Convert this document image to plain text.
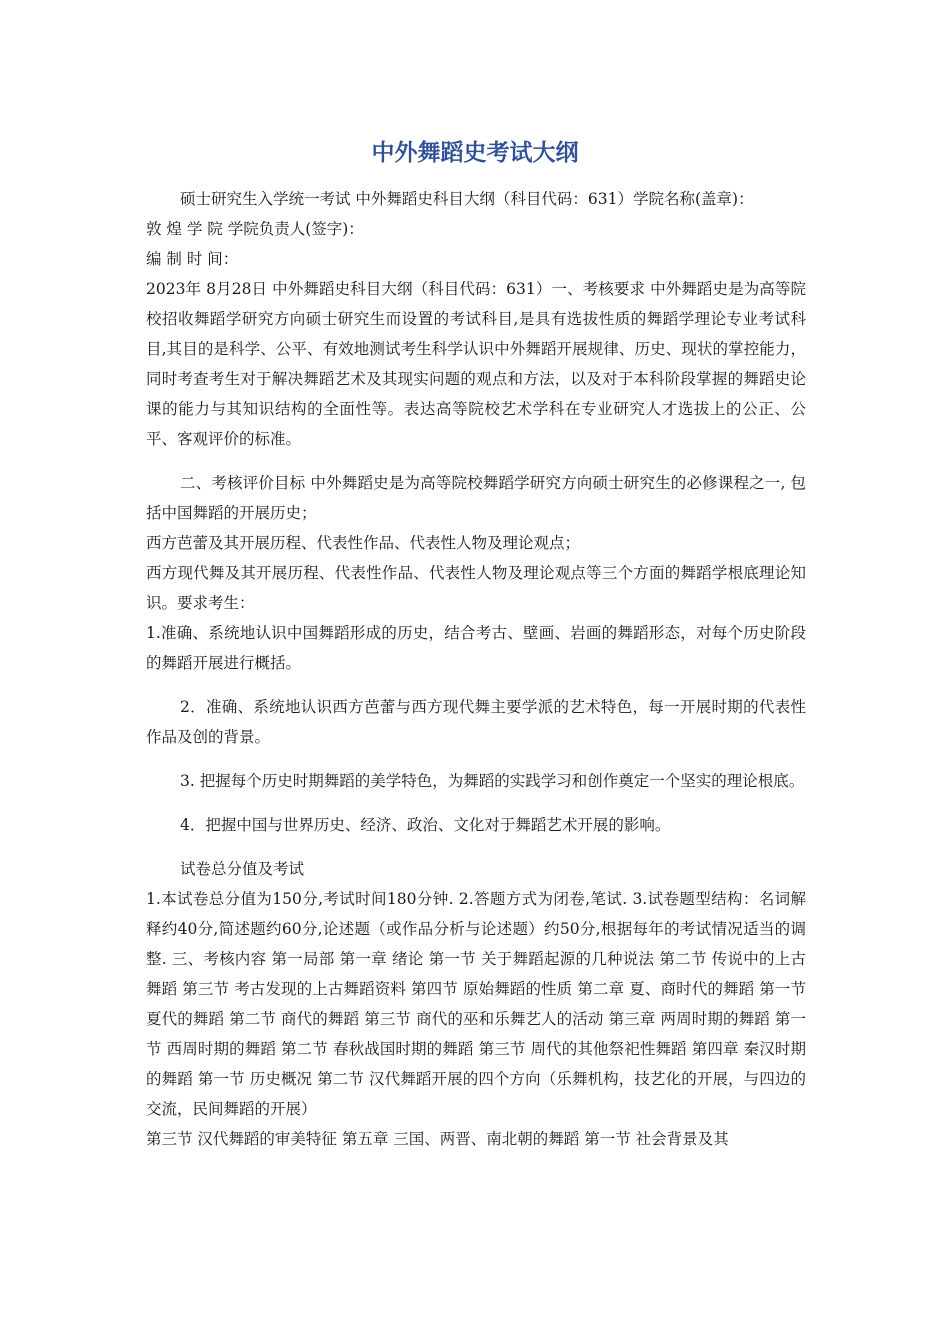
中外舞蹈史考试大纲

硕士研究生入学统一考试 中外舞蹈史科目大纲（科目代码：631）学院名称(盖章)：

敦 煌 学 院 学院负责人(签字)：

编 制 时 间：

2023年 8月28日 中外舞蹈史科目大纲（科目代码：631）一、考核要求 中外舞蹈史是为高等院校招收舞蹈学研究方向硕士研究生而设置的考试科目,是具有选拔性质的舞蹈学理论专业考试科目,其目的是科学、公平、有效地测试考生科学认识中外舞蹈开展规律、历史、现状的掌控能力，同时考查考生对于解决舞蹈艺术及其现实问题的观点和方法，以及对于本科阶段掌握的舞蹈史论课的能力与其知识结构的全面性等。表达高等院校艺术学科在专业研究人才选拔上的公正、公平、客观评价的标准。

二、考核评价目标 中外舞蹈史是为高等院校舞蹈学研究方向硕士研究生的必修课程之一, 包括中国舞蹈的开展历史；

西方芭蕾及其开展历程、代表性作品、代表性人物及理论观点；

西方现代舞及其开展历程、代表性作品、代表性人物及理论观点等三个方面的舞蹈学根底理论知识。要求考生：

1.准确、系统地认识中国舞蹈形成的历史，结合考古、壁画、岩画的舞蹈形态，对每个历史阶段的舞蹈开展进行概括。

2．准确、系统地认识西方芭蕾与西方现代舞主要学派的艺术特色，每一开展时期的代表性作品及创的背景。

3. 把握每个历史时期舞蹈的美学特色，为舞蹈的实践学习和创作奠定一个坚实的理论根底。

4．把握中国与世界历史、经济、政治、文化对于舞蹈艺术开展的影响。

试卷总分值及考试

1.本试卷总分值为150分,考试时间180分钟. 2.答题方式为闭卷,笔试. 3.试卷题型结构：名词解释约40分,简述题约60分,论述题（或作品分析与论述题）约50分,根据每年的考试情况适当的调整. 三、考核内容 第一局部 第一章 绪论 第一节 关于舞蹈起源的几种说法 第二节 传说中的上古舞蹈 第三节 考古发现的上古舞蹈资料 第四节 原始舞蹈的性质 第二章 夏、商时代的舞蹈 第一节 夏代的舞蹈 第二节 商代的舞蹈 第三节 商代的巫和乐舞艺人的活动 第三章 两周时期的舞蹈 第一节 西周时期的舞蹈 第二节 春秋战国时期的舞蹈 第三节 周代的其他祭祀性舞蹈 第四章 秦汉时期的舞蹈 第一节 历史概况 第二节 汉代舞蹈开展的四个方向（乐舞机构，技艺化的开展，与四边的交流，民间舞蹈的开展）

第三节 汉代舞蹈的审美特征 第五章 三国、两晋、南北朝的舞蹈 第一节 社会背景及其
